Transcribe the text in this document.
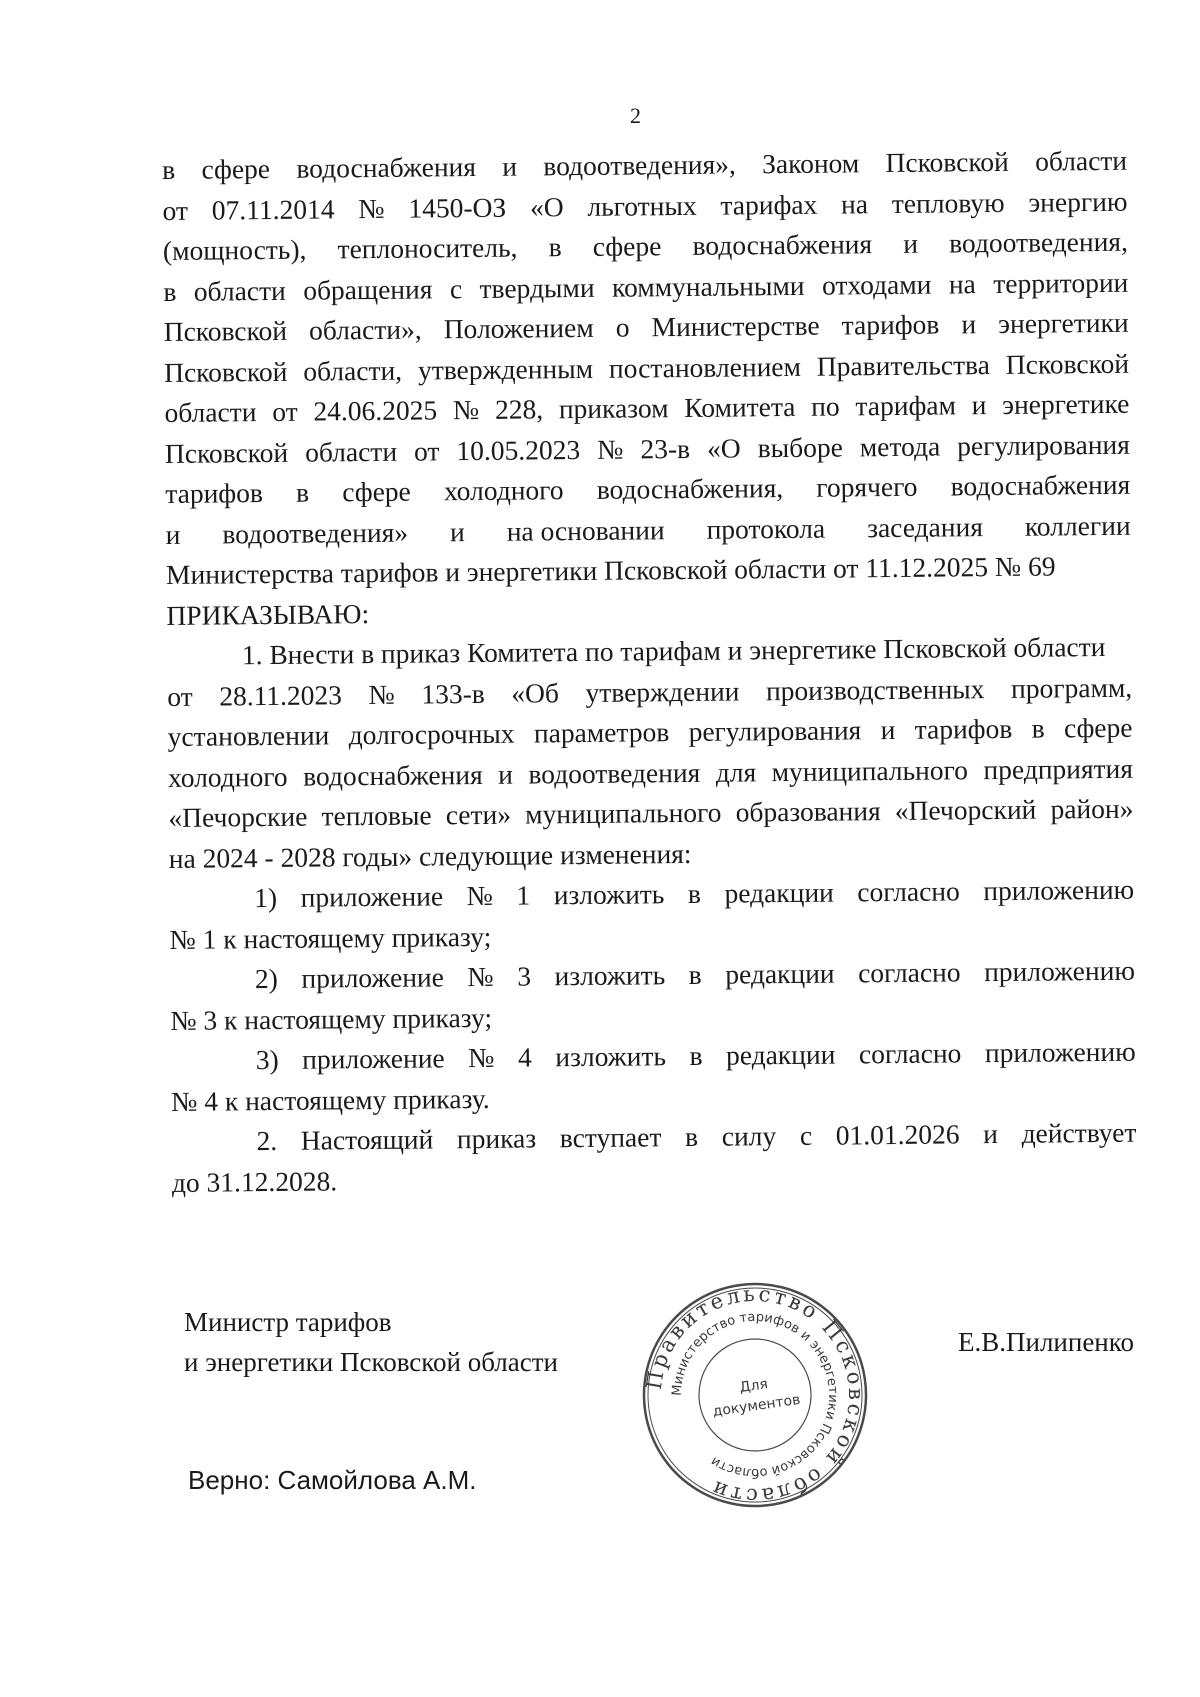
2
в сфере водоснабжения и водоотведения», Законом Псковской области
от 07.11.2014 № 1450-ОЗ «О льготных тарифах на тепловую энергию
(мощность), теплоноситель, в сфере водоснабжения и водоотведения,
в области обращения с твердыми коммунальными отходами на территории
Псковской области», Положением о Министерстве тарифов и энергетики
Псковской области, утвержденным постановлением Правительства Псковской
области от 24.06.2025 № 228, приказом Комитета по тарифам и энергетике
Псковской области от 10.05.2023 № 23-в «О выборе метода регулирования
тарифов в сфере холодного водоснабжения, горячего водоснабжения
и водоотведения» и на основании протокола заседания коллегии
Министерства тарифов и энергетики Псковской области от 11.12.2025 № 69
ПРИКАЗЫВАЮ:
1. Внести в приказ Комитета по тарифам и энергетике Псковской области
от 28.11.2023 № 133-в «Об утверждении производственных программ,
установлении долгосрочных параметров регулирования и тарифов в сфере
холодного водоснабжения и водоотведения для муниципального предприятия
«Печорские тепловые сети» муниципального образования «Печорский район»
на 2024 - 2028 годы» следующие изменения:
1) приложение № 1 изложить в редакции согласно приложению
№ 1 к настоящему приказу;
2) приложение № 3 изложить в редакции согласно приложению
№ 3 к настоящему приказу;
3) приложение № 4 изложить в редакции согласно приложению
№ 4 к настоящему приказу.
2. Настоящий приказ вступает в силу с 01.01.2026 и действует
до 31.12.2028.
Министр тарифов
и энергетики Псковской области
Правительство Псковской области
Министерство тарифов и энергетики Псковской области
Для
документов
Е.В.Пилипенко
Верно: Самойлова А.М.
